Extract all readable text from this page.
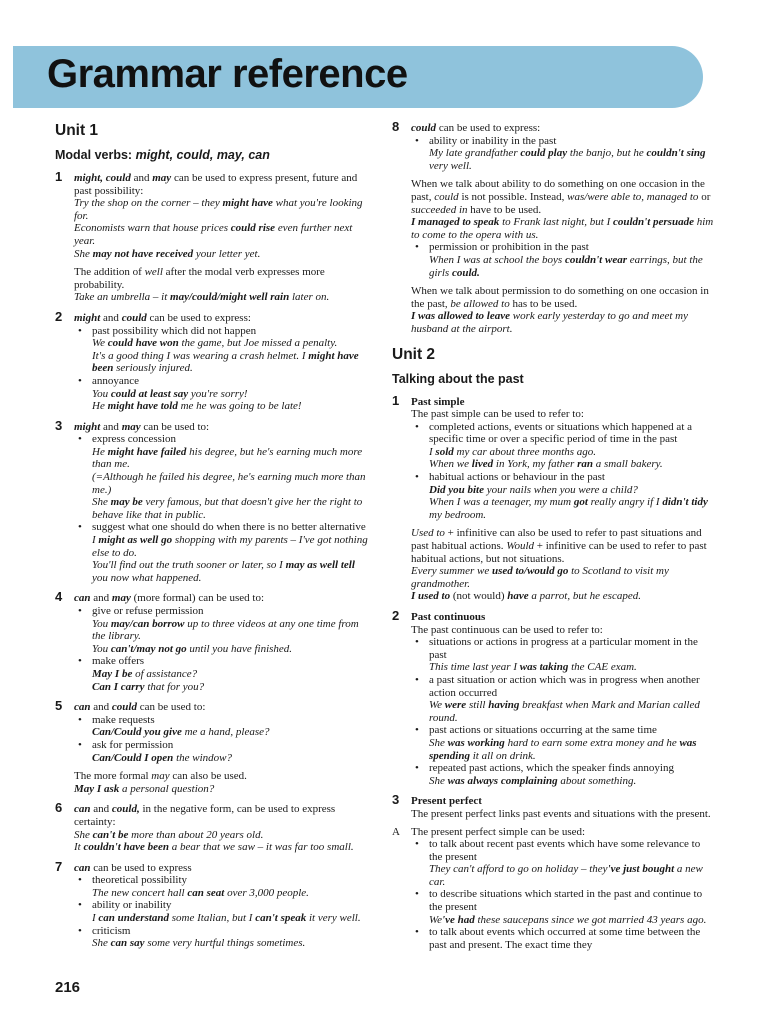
Grammar reference
Unit 1
Modal verbs: might, could, may, can
1 might, could and may can be used to express present, future and past possibility:

Try the shop on the corner – they might have what you're looking for.

Economists warn that house prices could rise even further next year.

She may not have received your letter yet.

The addition of well after the modal verb expresses more probability.

Take an umbrella – it may/could/might well rain later on.

2 might and could can be used to express:

• past possibility which did not happen

We could have won the game, but Joe missed a penalty.

It's a good thing I was wearing a crash helmet. I might have been seriously injured.

• annoyance

You could at least say you're sorry!

He might have told me he was going to be late!

3 might and may can be used to:

• express concession

He might have failed his degree, but he's earning much more than me.

(=Although he failed his degree, he's earning much more than me.)

She may be very famous, but that doesn't give her the right to behave like that in public.

• suggest what one should do when there is no better alternative

I might as well go shopping with my parents – I've got nothing else to do.

You'll find out the truth sooner or later, so I may as well tell you now what happened.

4 can and may (more formal) can be used to:

• give or refuse permission

You may/can borrow up to three videos at any one time from the library.

You can't/may not go until you have finished.

• make offers

May I be of assistance?

Can I carry that for you?

5 can and could can be used to:

• make requests

Can/Could you give me a hand, please?

• ask for permission

Can/Could I open the window?

The more formal may can also be used.

May I ask a personal question?

6 can and could, in the negative form, can be used to express certainty:

She can't be more than about 20 years old.

It couldn't have been a bear that we saw – it was far too small.

7 can can be used to express

• theoretical possibility

The new concert hall can seat over 3,000 people.

• ability or inability

I can understand some Italian, but I can't speak it very well.

• criticism

She can say some very hurtful things sometimes.

8 could can be used to express:

• ability or inability in the past

My late grandfather could play the banjo, but he couldn't sing very well.

When we talk about ability to do something on one occasion in the past, could is not possible. Instead, was/were able to, managed to or succeeded in have to be used.

I managed to speak to Frank last night, but I couldn't persuade him to come to the opera with us.

• permission or prohibition in the past

When I was at school the boys couldn't wear earrings, but the girls could.

When we talk about permission to do something on one occasion in the past, be allowed to has to be used.

I was allowed to leave work early yesterday to go and meet my husband at the airport.

Unit 2
Talking about the past
1 Past simple

The past simple can be used to refer to:

• completed actions, events or situations which happened at a specific time or over a specific period of time in the past

I sold my car about three months ago.

When we lived in York, my father ran a small bakery.

• habitual actions or behaviour in the past

Did you bite your nails when you were a child?

When I was a teenager, my mum got really angry if I didn't tidy my bedroom.

Used to + infinitive can also be used to refer to past situations and past habitual actions. Would + infinitive can be used to refer to past habitual actions, but not situations.

Every summer we used to/would go to Scotland to visit my grandmother.

I used to (not would) have a parrot, but he escaped.

2 Past continuous

The past continuous can be used to refer to:

• situations or actions in progress at a particular moment in the past

This time last year I was taking the CAE exam.

• a past situation or action which was in progress when another action occurred

We were still having breakfast when Mark and Marian called round.

• past actions or situations occurring at the same time

She was working hard to earn some extra money and he was spending it all on drink.

• repeated past actions, which the speaker finds annoying

She was always complaining about something.

3 Present perfect

The present perfect links past events and situations with the present.

A The present perfect simple can be used:

• to talk about recent past events which have some relevance to the present

They can't afford to go on holiday – they've just bought a new car.

• to describe situations which started in the past and continue to the present

We've had these saucepans since we got married 43 years ago.

• to talk about events which occurred at some time between the past and present. The exact time they
216
